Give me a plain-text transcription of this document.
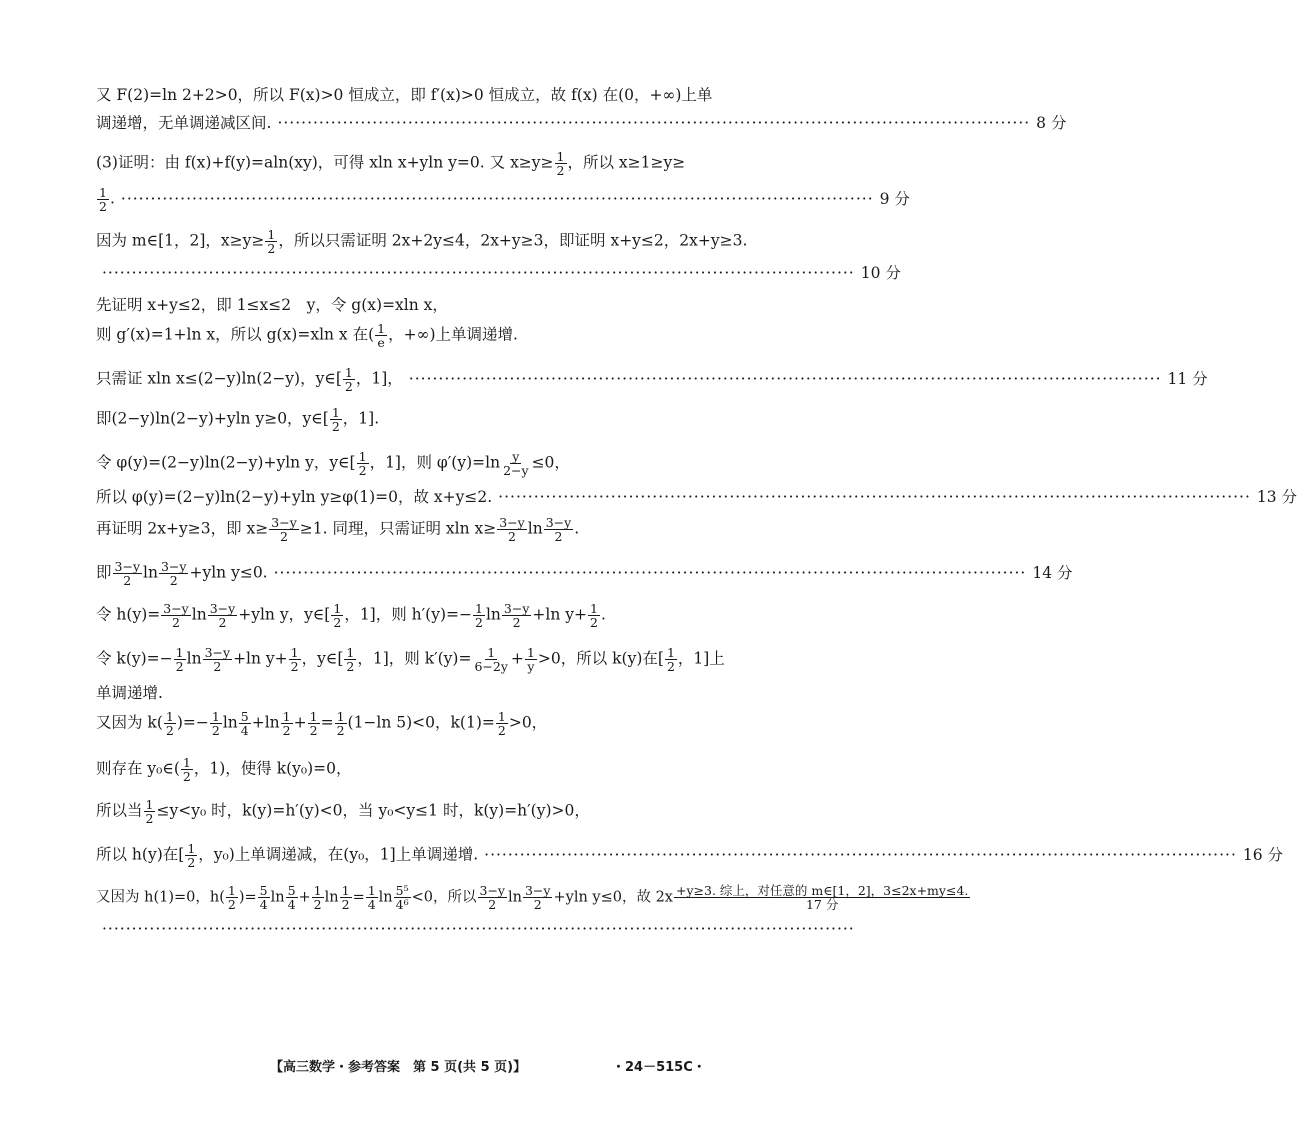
又 F(2)=ln 2+2>0，所以 F(x)>0 恒成立，即 f′(x)>0 恒成立，故 f(x) 在(0，+∞)上单
调递增，无单调递减区间. ·····	8 分
(3)证明：由 f(x)+f(y)=aln(xy)，可得 xln x+yln y=0. 又 $x\ge y\ge \frac{1}{2}$ ，所以 x≥1≥y≥
$\frac{1}{2}$ . ·····	9 分
因为 m∈[1，2]，$x\ge y\ge \frac{1}{2}$ ，所以只需证明 2x+2y≤4，2x+y≥3，即证明 x+y≤2，2x+y≥3.
·····
10 分
先证明 x+y≤2，即 1≤x≤2　y，令 g(x)=xln x，
则 g′(x)=1+ln x，所以 g(x)=xln x 在( $\frac{1}{e}$ ，+∞)上单调递增.
只需证 xln x≤(2−y)ln(2−y)，y∈[ $\frac{1}{2}$ ，1]， ·····	11 分
即(2−y)ln(2−y)+yln y≥0，y∈[ $\frac{1}{2}$ ，1].
令 φ(y)=(2−y)ln(2−y)+yln y，y∈[ $\frac{1}{2}$ ，1]，则 $\varphi'(y)=\ln \frac{y}{2-y} \le 0$，
所以 φ(y)=(2−y)ln(2−y)+yln y≥φ(1)=0，故 x+y≤2. ·····	13 分
再证明 2x+y≥3，即 $x\ge \frac{3-y}{2} \ge 1$. 同理，只需证明 xln $x\ge \frac{3-y}{2}$ $\ln \frac{3-y}{2}$ .
即 $\frac{3-y}{2}$ $\ln \frac{3-y}{2} +yln$ y≤0. ·····	14 分
令 $h(y)= \frac{3-y}{2}$ $\ln \frac{3-y}{2} +yln$ y，y∈[ $\frac{1}{2}$ ，1]，则 $h'(y)=- \frac{1}{2}$ $\ln \frac{3-y}{2} +\ln$ $y+ \frac{1}{2}$ .
令 $k(y)=- \frac{1}{2}$ $\ln \frac{3-y}{2} +\ln$ $y+ \frac{1}{2}$ ，y∈[ $\frac{1}{2}$ ，1]，则 $k'(y)= \frac{1}{6-2y} + \frac{1}{y} >0$，所以 k(y)在[ $\frac{1}{2}$ ，1]上
单调递增.
又因为 $k( \frac{1}{2}$ )=− $\frac{1}{2}$ $\ln \frac{5}{4} +\ln \frac{1}{2} + \frac{1}{2} = \frac{1}{2} (1-\ln$ 5)<0，$k(1)= \frac{1}{2} >0$，
则存在 y₀∈( $\frac{1}{2}$ ，1)，使得 k(y₀)=0，
所以当 $\frac{1}{2} \le y<y_0$ 时，k(y)=h′(y)<0，当 y₀<y≤1 时，k(y)=h′(y)>0，
所以 h(y)在[ $\frac{1}{2}$ ，y₀)上单调递减，在(y₀，1]上单调递增. ·····	16 分
又因为 h(1)=0，$h( \frac{1}{2}$ )= $\frac{5}{4}$ $\ln \frac{5}{4} + \frac{1}{2}$ $\ln \frac{1}{2} = \frac{1}{4}$ $\ln \frac{\text{5⁵}}{\text{4⁶}} <0$，所以 $\frac{3-y}{2}$ $\ln \frac{3-y}{2} +yln$ y≤0，故 $2x \frac{\text{+y≥3. 综上，对任意的 m∈[1，2]，3≤2x+my≤4.}}{\text{17 分}}$
·····
【高三数学・参考答案　第 5 页(共 5 页)】	・24－515C・
